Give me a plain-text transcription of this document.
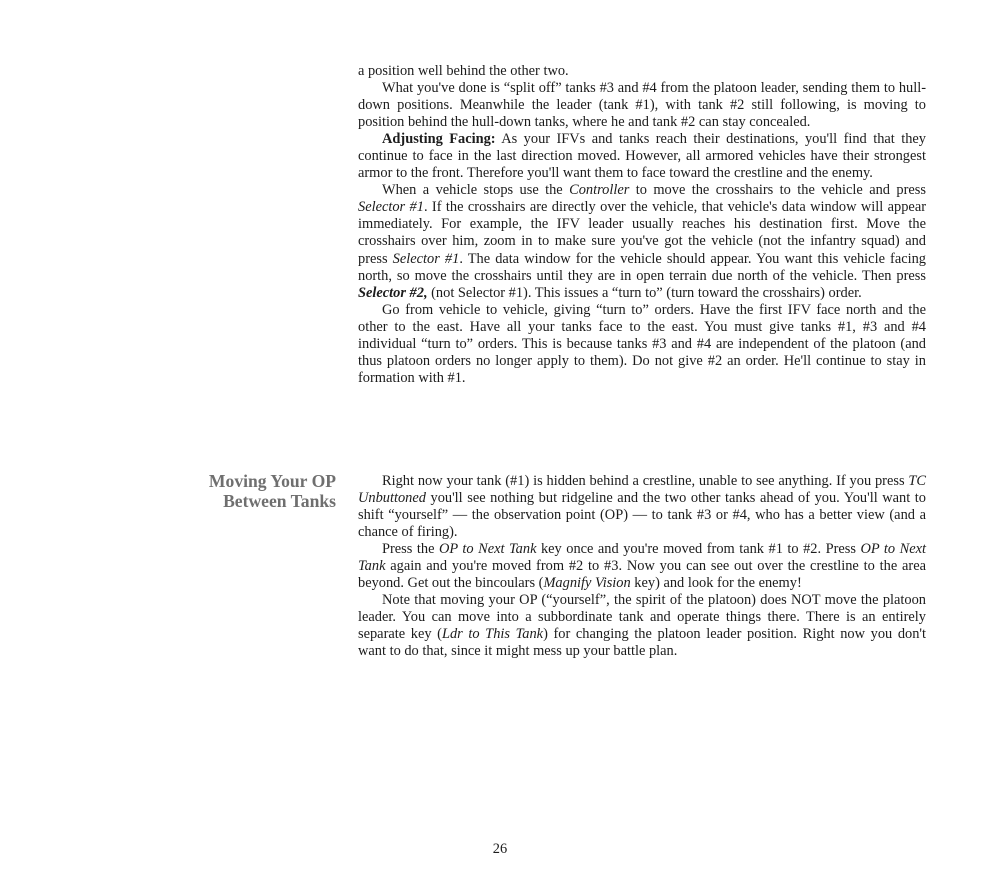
a position well behind the other two.

What you've done is “split off” tanks #3 and #4 from the platoon leader, sending them to hull-down positions. Meanwhile the leader (tank #1), with tank #2 still following, is moving to position behind the hull-down tanks, where he and tank #2 can stay concealed.

Adjusting Facing: As your IFVs and tanks reach their destinations, you'll find that they continue to face in the last direction moved. However, all armored vehicles have their strongest armor to the front. Therefore you'll want them to face toward the crestline and the enemy.

When a vehicle stops use the Controller to move the crosshairs to the vehicle and press Selector #1. If the crosshairs are directly over the vehicle, that vehicle's data window will appear immediately. For example, the IFV leader usually reaches his destination first. Move the crosshairs over him, zoom in to make sure you've got the vehicle (not the infantry squad) and press Selector #1. The data window for the vehicle should appear. You want this vehicle facing north, so move the crosshairs until they are in open terrain due north of the vehicle. Then press Selector #2, (not Selector #1). This issues a “turn to” (turn toward the crosshairs) order.

Go from vehicle to vehicle, giving “turn to” orders. Have the first IFV face north and the other to the east. Have all your tanks face to the east. You must give tanks #1, #3 and #4 individual “turn to” orders. This is because tanks #3 and #4 are independent of the platoon (and thus platoon orders no longer apply to them). Do not give #2 an order. He'll continue to stay in formation with #1.

Moving Your OP
Between Tanks

Right now your tank (#1) is hidden behind a crestline, unable to see anything. If you press TC Unbuttoned you'll see nothing but ridgeline and the two other tanks ahead of you. You'll want to shift “yourself” — the observation point (OP) — to tank #3 or #4, who has a better view (and a chance of firing).

Press the OP to Next Tank key once and you're moved from tank #1 to #2. Press OP to Next Tank again and you're moved from #2 to #3. Now you can see out over the crestline to the area beyond. Get out the bincoulars (Magnify Vision key) and look for the enemy!

Note that moving your OP (“yourself”, the spirit of the platoon) does NOT move the platoon leader. You can move into a subbordinate tank and operate things there. There is an entirely separate key (Ldr to This Tank) for changing the platoon leader position. Right now you don't want to do that, since it might mess up your battle plan.

26
